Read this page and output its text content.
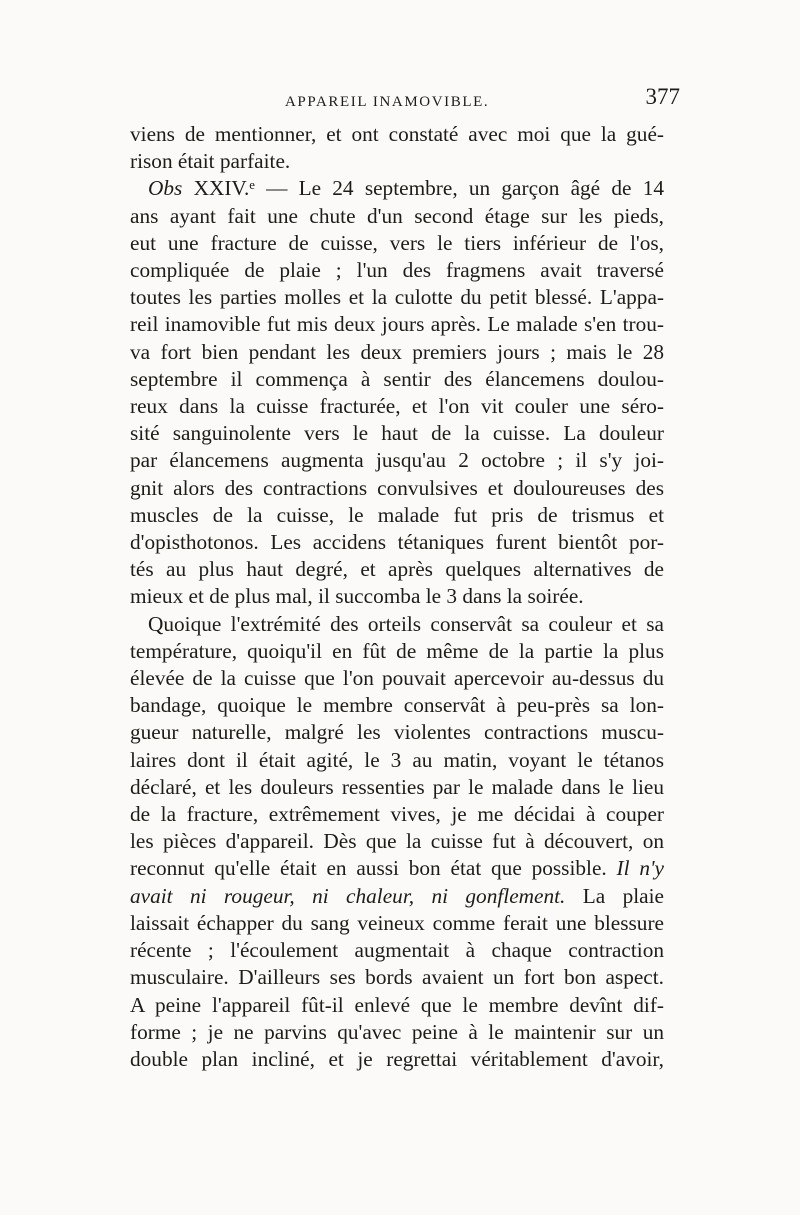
APPAREIL INAMOVIBLE.	377
viens de mentionner, et ont constaté avec moi que la gué-
rison était parfaite.
Obs XXIV.ᵉ — Le 24 septembre, un garçon âgé de 14
ans ayant fait une chute d'un second étage sur les pieds,
eut une fracture de cuisse, vers le tiers inférieur de l'os,
compliquée de plaie ; l'un des fragmens avait traversé
toutes les parties molles et la culotte du petit blessé. L'appa-
reil inamovible fut mis deux jours après. Le malade s'en trou-
va fort bien pendant les deux premiers jours ; mais le 28
septembre il commença à sentir des élancemens doulou-
reux dans la cuisse fracturée, et l'on vit couler une séro-
sité sanguinolente vers le haut de la cuisse. La douleur
par élancemens augmenta jusqu'au 2 octobre ; il s'y joi-
gnit alors des contractions convulsives et douloureuses des
muscles de la cuisse, le malade fut pris de trismus et
d'opisthotonos. Les accidens tétaniques furent bientôt por-
tés au plus haut degré, et après quelques alternatives de
mieux et de plus mal, il succomba le 3 dans la soirée.
Quoique l'extrémité des orteils conservât sa couleur et sa
température, quoiqu'il en fût de même de la partie la plus
élevée de la cuisse que l'on pouvait apercevoir au-dessus du
bandage, quoique le membre conservât à peu-près sa lon-
gueur naturelle, malgré les violentes contractions muscu-
laires dont il était agité, le 3 au matin, voyant le tétanos
déclaré, et les douleurs ressenties par le malade dans le lieu
de la fracture, extrêmement vives, je me décidai à couper
les pièces d'appareil. Dès que la cuisse fut à découvert, on
reconnut qu'elle était en aussi bon état que possible. Il n'y
avait ni rougeur, ni chaleur, ni gonflement. La plaie
laissait échapper du sang veineux comme ferait une blessure
récente ; l'écoulement augmentait à chaque contraction
musculaire. D'ailleurs ses bords avaient un fort bon aspect.
A peine l'appareil fût-il enlevé que le membre devînt dif-
forme ; je ne parvins qu'avec peine à le maintenir sur un
double plan incliné, et je regrettai véritablement d'avoir,
